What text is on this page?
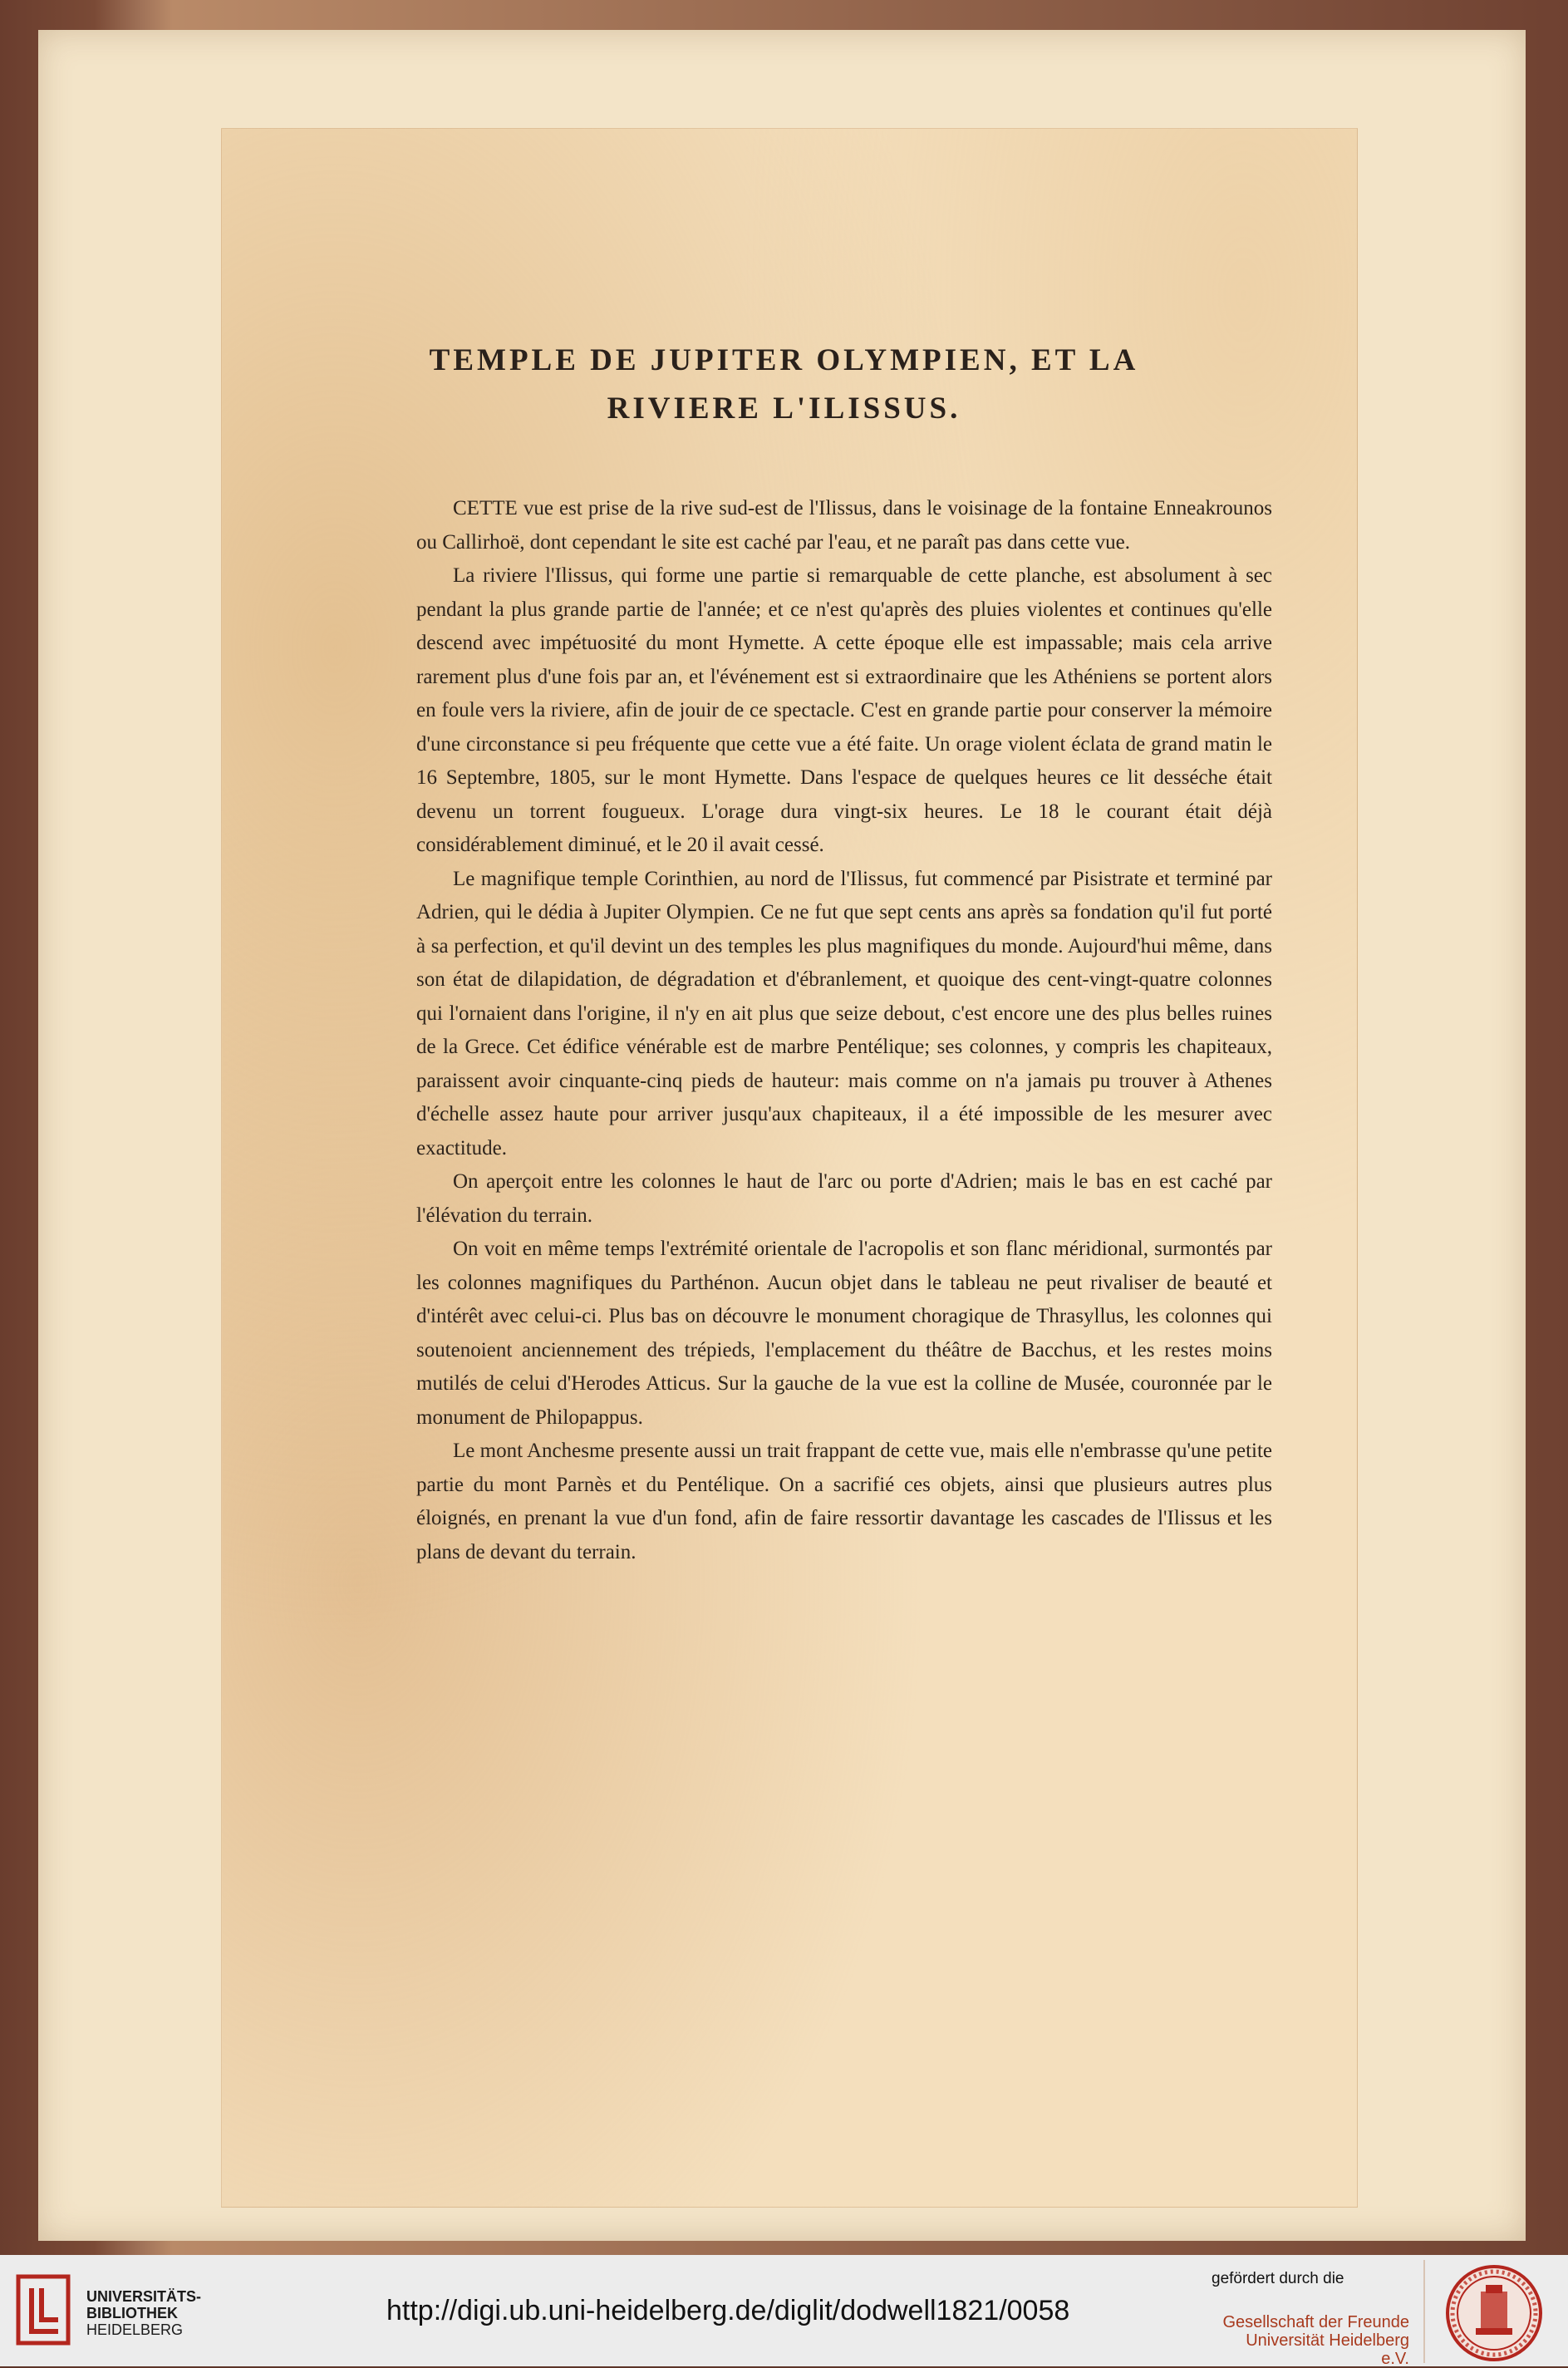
TEMPLE DE JUPITER OLYMPIEN, ET LA
RIVIERE L'ILISSUS.

CETTE vue est prise de la rive sud-est de l'Ilissus, dans le voisinage de la fontaine Enneakrounos ou Callirhoë, dont cependant le site est caché par l'eau, et ne paraît pas dans cette vue.

La riviere l'Ilissus, qui forme une partie si remarquable de cette planche, est absolument à sec pendant la plus grande partie de l'année; et ce n'est qu'après des pluies violentes et continues qu'elle descend avec impétuosité du mont Hymette. A cette époque elle est impassable; mais cela arrive rarement plus d'une fois par an, et l'événement est si extraordinaire que les Athéniens se portent alors en foule vers la riviere, afin de jouir de ce spectacle. C'est en grande partie pour conserver la mémoire d'une circonstance si peu fréquente que cette vue a été faite. Un orage violent éclata de grand matin le 16 Septembre, 1805, sur le mont Hymette. Dans l'espace de quelques heures ce lit desséche était devenu un torrent fougueux. L'orage dura vingt-six heures. Le 18 le courant était déjà considérablement diminué, et le 20 il avait cessé.

Le magnifique temple Corinthien, au nord de l'Ilissus, fut commencé par Pisistrate et terminé par Adrien, qui le dédia à Jupiter Olympien. Ce ne fut que sept cents ans après sa fondation qu'il fut porté à sa perfection, et qu'il devint un des temples les plus magnifiques du monde. Aujourd'hui même, dans son état de dilapidation, de dégradation et d'ébranlement, et quoique des cent-vingt-quatre colonnes qui l'ornaient dans l'origine, il n'y en ait plus que seize debout, c'est encore une des plus belles ruines de la Grece. Cet édifice vénérable est de marbre Pentélique; ses colonnes, y compris les chapiteaux, paraissent avoir cinquante-cinq pieds de hauteur: mais comme on n'a jamais pu trouver à Athenes d'échelle assez haute pour arriver jusqu'aux chapiteaux, il a été impossible de les mesurer avec exactitude.

On aperçoit entre les colonnes le haut de l'arc ou porte d'Adrien; mais le bas en est caché par l'élévation du terrain.

On voit en même temps l'extrémité orientale de l'acropolis et son flanc méridional, surmontés par les colonnes magnifiques du Parthénon. Aucun objet dans le tableau ne peut rivaliser de beauté et d'intérêt avec celui-ci. Plus bas on découvre le monument choragique de Thrasyllus, les colonnes qui soutenoient anciennement des trépieds, l'emplacement du théâtre de Bacchus, et les restes moins mutilés de celui d'Herodes Atticus. Sur la gauche de la vue est la colline de Musée, couronnée par le monument de Philopappus.

Le mont Anchesme presente aussi un trait frappant de cette vue, mais elle n'embrasse qu'une petite partie du mont Parnès et du Pentélique. On a sacrifié ces objets, ainsi que plusieurs autres plus éloignés, en prenant la vue d'un fond, afin de faire ressortir davantage les cascades de l'Ilissus et les plans de devant du terrain.

UNIVERSITÄTS-
BIBLIOTHEK
HEIDELBERG
http://digi.ub.uni-heidelberg.de/diglit/dodwell1821/0058
gefördert durch die
Gesellschaft der Freunde
Universität Heidelberg e.V.
